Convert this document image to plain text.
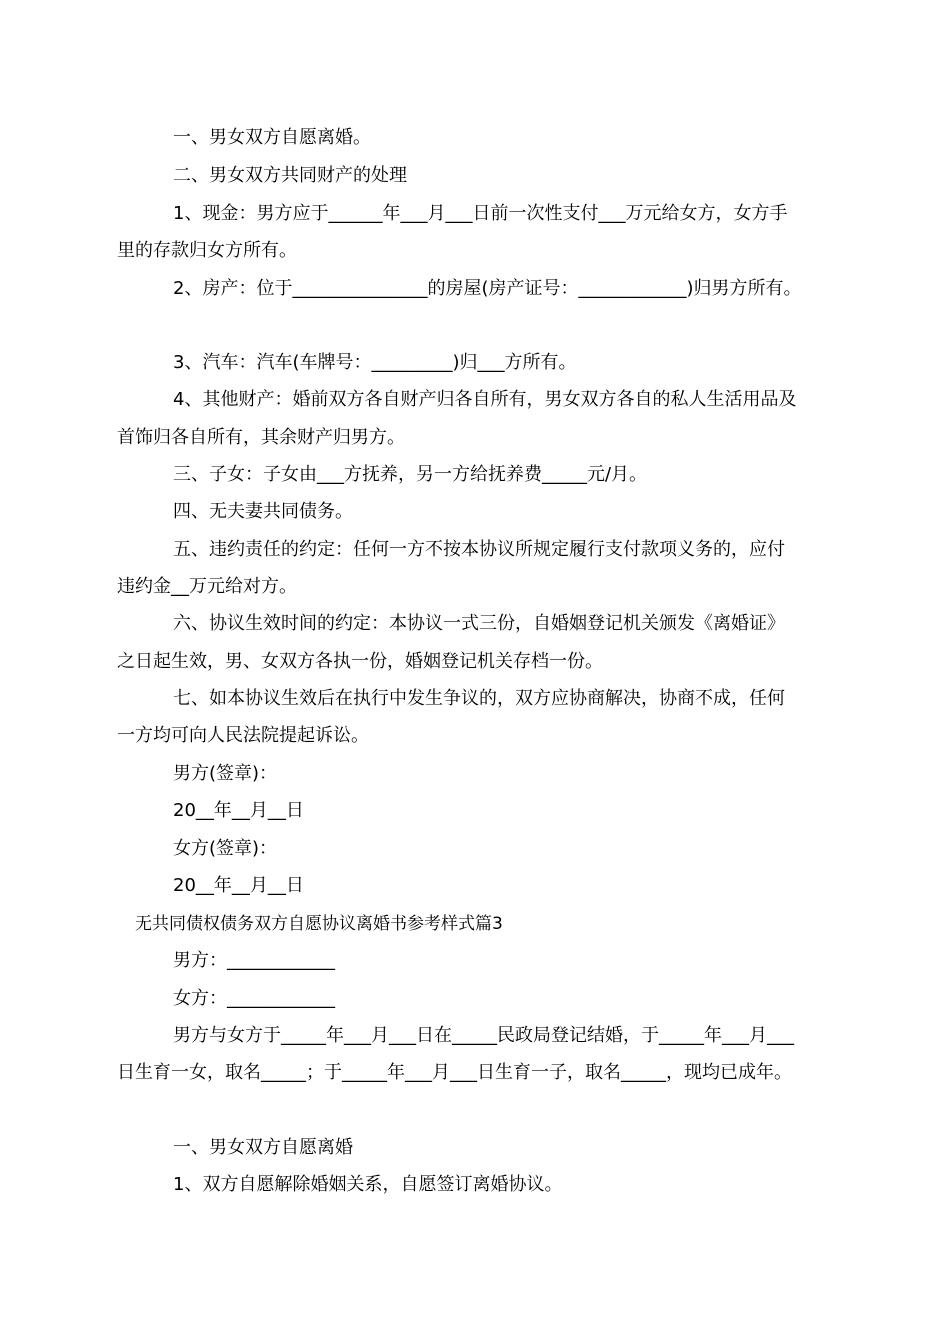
一、男女双方自愿离婚。

二、男女双方共同财产的处理

1、现金：男方应于______年___月___日前一次性支付___万元给女方，女方手

里的存款归女方所有。

2、房产：位于_______________的房屋(房产证号：____________)归男方所有。

3、汽车：汽车(车牌号：_________)归___方所有。

4、其他财产：婚前双方各自财产归各自所有，男女双方各自的私人生活用品及

首饰归各自所有，其余财产归男方。

三、子女：子女由___方抚养，另一方给抚养费_____元/月。

四、无夫妻共同债务。

五、违约责任的约定：任何一方不按本协议所规定履行支付款项义务的，应付

违约金__万元给对方。

六、协议生效时间的约定：本协议一式三份，自婚姻登记机关颁发《离婚证》

之日起生效，男、女双方各执一份，婚姻登记机关存档一份。

七、如本协议生效后在执行中发生争议的，双方应协商解决，协商不成，任何

一方均可向人民法院提起诉讼。

男方(签章)：

20__年__月__日

女方(签章)：

20__年__月__日

无共同债权债务双方自愿协议离婚书参考样式篇3

男方：____________

女方：____________

男方与女方于_____年___月___日在_____民政局登记结婚，于_____年___月___

日生育一女，取名_____；于_____年___月___日生育一子，取名_____，现均已成年。

一、男女双方自愿离婚

1、双方自愿解除婚姻关系，自愿签订离婚协议。
